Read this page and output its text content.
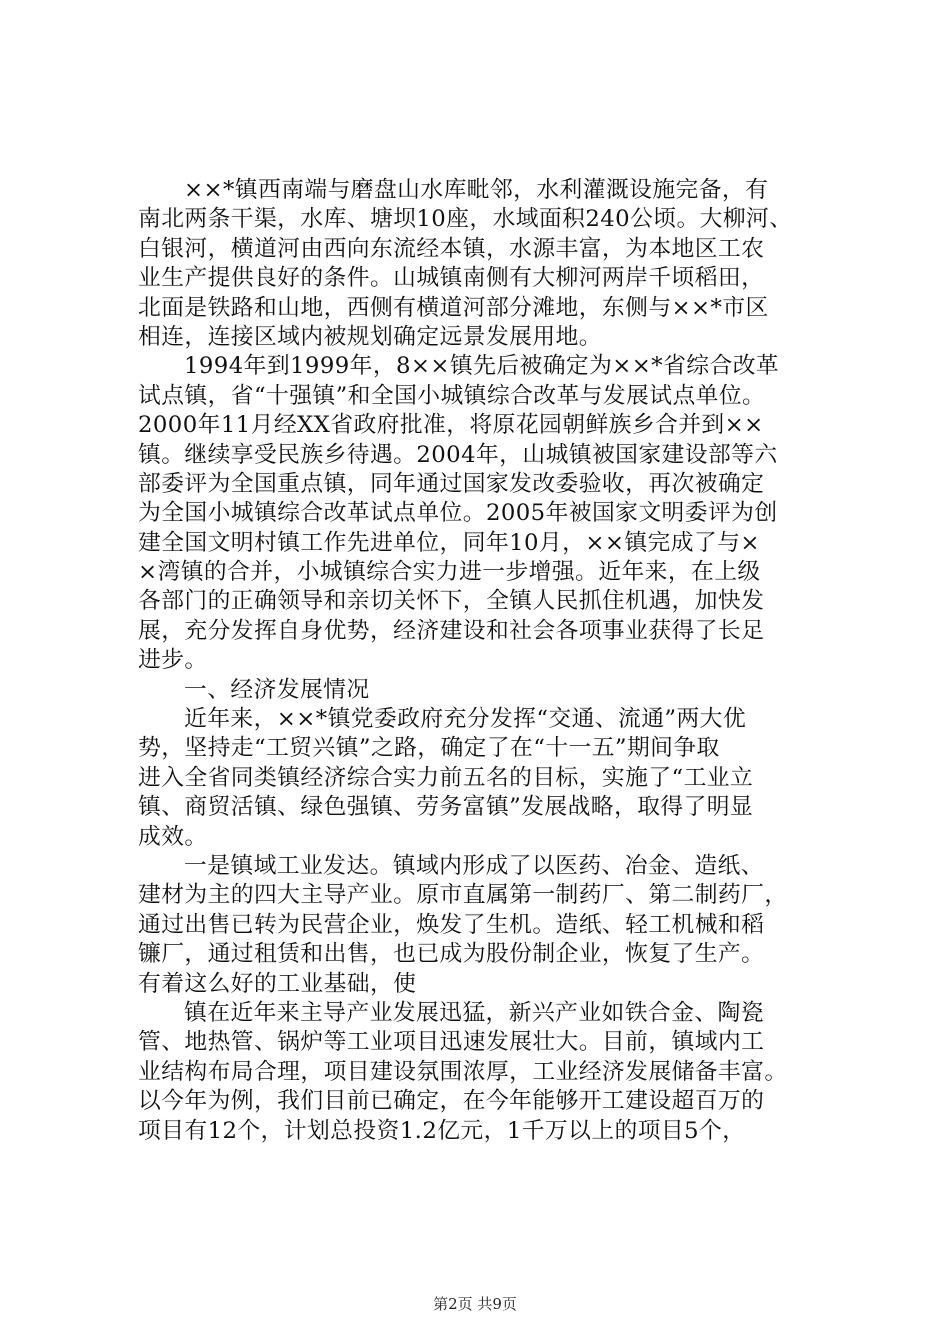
××*镇西南端与磨盘山水库毗邻，水利灌溉设施完备，有
南北两条干渠，水库、塘坝10座，水域面积240公顷。大柳河、
白银河，横道河由西向东流经本镇，水源丰富，为本地区工农
业生产提供良好的条件。山城镇南侧有大柳河两岸千顷稻田，
北面是铁路和山地，西侧有横道河部分滩地，东侧与××*市区
相连，连接区域内被规划确定远景发展用地。
1994年到1999年，8××镇先后被确定为××*省综合改革
试点镇，省“十强镇”和全国小城镇综合改革与发展试点单位。
2000年11月经XX省政府批准，将原花园朝鲜族乡合并到××
镇。继续享受民族乡待遇。2004年，山城镇被国家建设部等六
部委评为全国重点镇，同年通过国家发改委验收，再次被确定
为全国小城镇综合改革试点单位。2005年被国家文明委评为创
建全国文明村镇工作先进单位，同年10月，××镇完成了与×
×湾镇的合并，小城镇综合实力进一步增强。近年来，在上级
各部门的正确领导和亲切关怀下，全镇人民抓住机遇，加快发
展，充分发挥自身优势，经济建设和社会各项事业获得了长足
进步。
一、经济发展情况
近年来，××*镇党委政府充分发挥“交通、流通”两大优
势，坚持走“工贸兴镇”之路，确定了在“十一五”期间争取
进入全省同类镇经济综合实力前五名的目标，实施了“工业立
镇、商贸活镇、绿色强镇、劳务富镇”发展战略，取得了明显
成效。
一是镇域工业发达。镇域内形成了以医药、冶金、造纸、
建材为主的四大主导产业。原市直属第一制药厂、第二制药厂，
通过出售已转为民营企业，焕发了生机。造纸、轻工机械和稻
镰厂，通过租赁和出售，也已成为股份制企业，恢复了生产。
有着这么好的工业基础，使
镇在近年来主导产业发展迅猛，新兴产业如铁合金、陶瓷
管、地热管、锅炉等工业项目迅速发展壮大。目前，镇域内工
业结构布局合理，项目建设氛围浓厚，工业经济发展储备丰富。
以今年为例，我们目前已确定，在今年能够开工建设超百万的
项目有12个，计划总投资1.2亿元，1千万以上的项目5个，
第2页 共9页
